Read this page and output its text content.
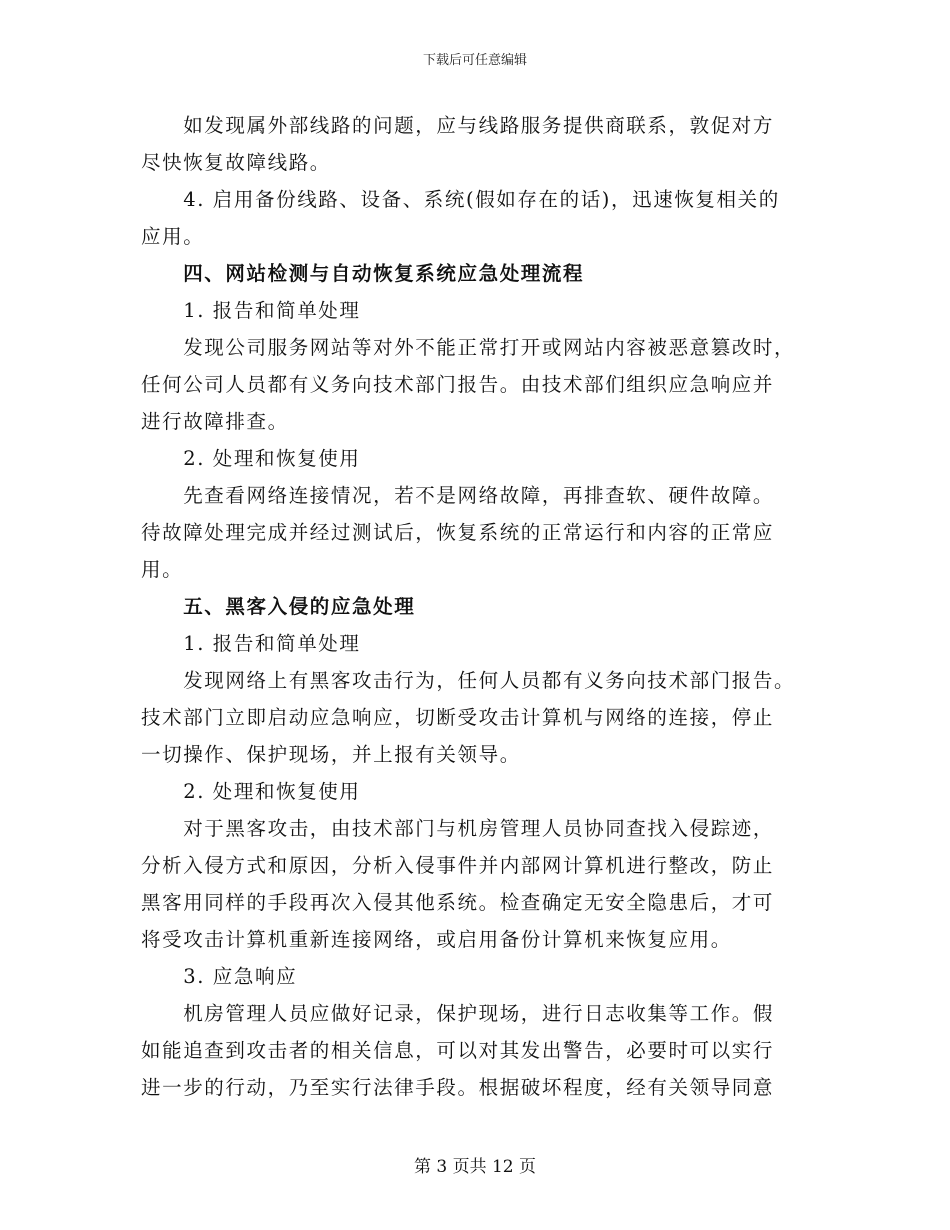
下载后可任意编辑

　　如发现属外部线路的问题，应与线路服务提供商联系，敦促对方

尽快恢复故障线路。

　　4. 启用备份线路、设备、系统(假如存在的话)，迅速恢复相关的

应用。

　　四、网站检测与自动恢复系统应急处理流程

　　1. 报告和简单处理

　　发现公司服务网站等对外不能正常打开或网站内容被恶意篡改时，

任何公司人员都有义务向技术部门报告。由技术部们组织应急响应并

进行故障排查。

　　2. 处理和恢复使用

　　先查看网络连接情况，若不是网络故障，再排查软、硬件故障。

待故障处理完成并经过测试后，恢复系统的正常运行和内容的正常应

用。

　　五、黑客入侵的应急处理

　　1. 报告和简单处理

　　发现网络上有黑客攻击行为，任何人员都有义务向技术部门报告。

技术部门立即启动应急响应，切断受攻击计算机与网络的连接，停止

一切操作、保护现场，并上报有关领导。

　　2. 处理和恢复使用

　　对于黑客攻击，由技术部门与机房管理人员协同查找入侵踪迹，

分析入侵方式和原因，分析入侵事件并内部网计算机进行整改，防止

黑客用同样的手段再次入侵其他系统。检查确定无安全隐患后，才可

将受攻击计算机重新连接网络，或启用备份计算机来恢复应用。

　　3. 应急响应

　　机房管理人员应做好记录，保护现场，进行日志收集等工作。假

如能追查到攻击者的相关信息，可以对其发出警告，必要时可以实行

进一步的行动，乃至实行法律手段。根据破坏程度，经有关领导同意

第 3 页共 12 页
